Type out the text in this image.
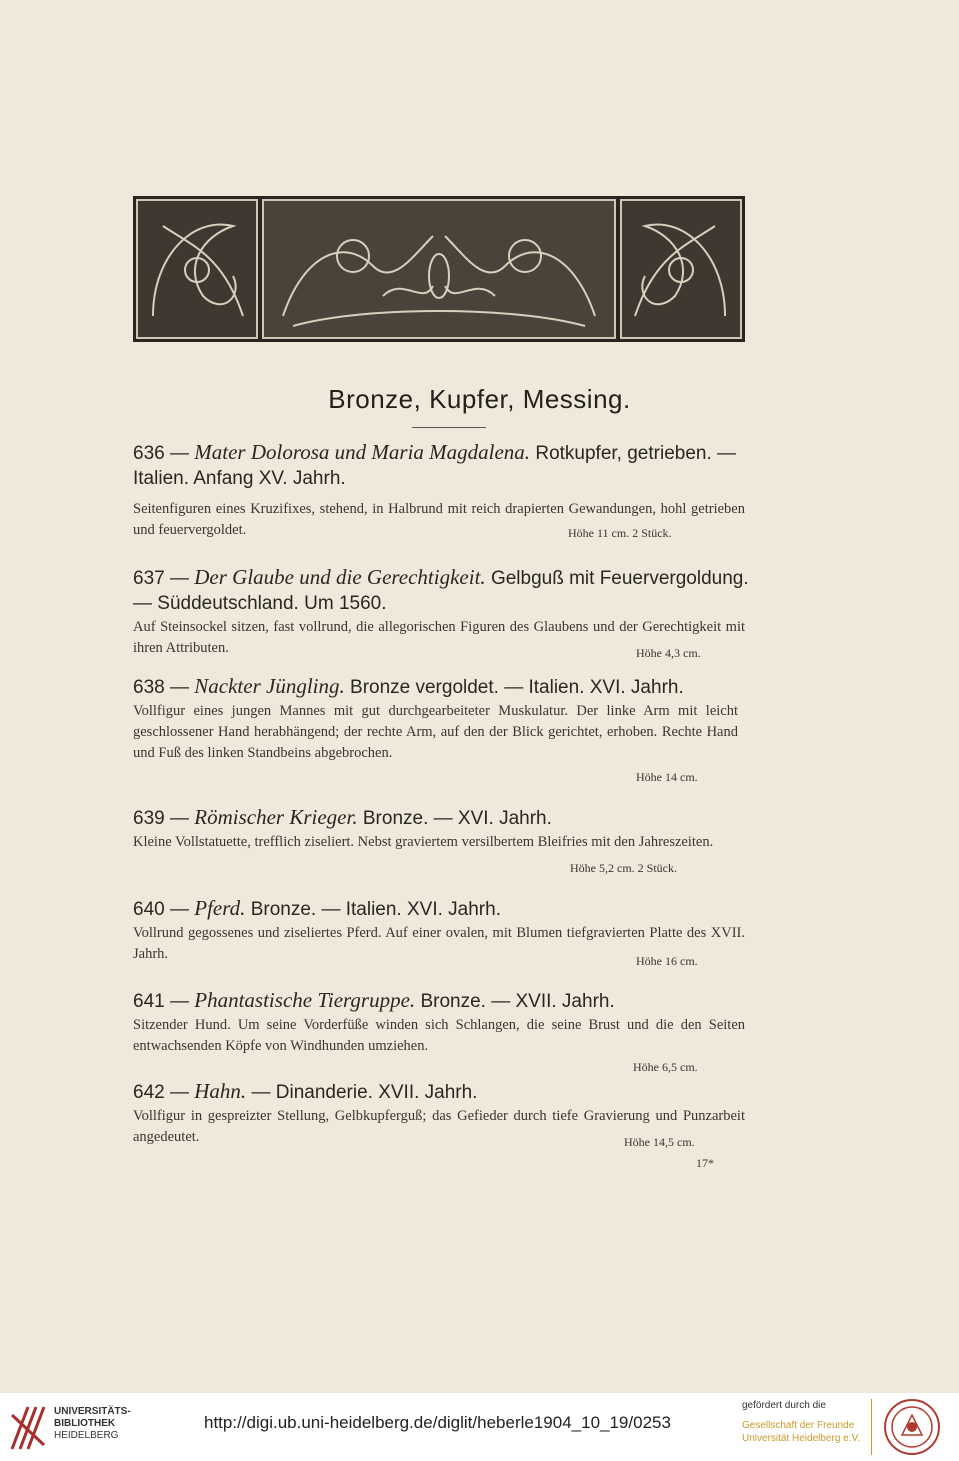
Bronze, Kupfer, Messing.
636 — Mater Dolorosa und Maria Magdalena. Rotkupfer, getrieben. —
Italien. Anfang XV. Jahrh.
Seitenfiguren eines Kruzifixes, stehend, in Halbrund mit reich drapierten Gewandungen, hohl getrieben und feuervergoldet.	Höhe 11 cm. 2 Stück.
637 — Der Glaube und die Gerechtigkeit. Gelbguß mit Feuervergoldung.
— Süddeutschland. Um 1560.
Auf Steinsockel sitzen, fast vollrund, die allegorischen Figuren des Glaubens und der Gerechtigkeit mit ihren Attributen.	Höhe 4,3 cm.
638 — Nackter Jüngling. Bronze vergoldet. — Italien. XVI. Jahrh.
Vollfigur eines jungen Mannes mit gut durchgearbeiteter Muskulatur. Der linke Arm mit leicht geschlossener Hand herabhängend; der rechte Arm, auf den der Blick gerichtet, erhoben. Rechte Hand und Fuß des linken Standbeins abgebrochen.
Höhe 14 cm.
639 — Römischer Krieger. Bronze. — XVI. Jahrh.
Kleine Vollstatuette, trefflich ziseliert. Nebst graviertem versilbertem Bleifries mit den Jahreszeiten.
Höhe 5,2 cm. 2 Stück.
640 — Pferd. Bronze. — Italien. XVI. Jahrh.
Vollrund gegossenes und ziseliertes Pferd. Auf einer ovalen, mit Blumen tiefgravierten Platte des XVII. Jahrh.	Höhe 16 cm.
641 — Phantastische Tiergruppe. Bronze. — XVII. Jahrh.
Sitzender Hund. Um seine Vorderfüße winden sich Schlangen, die seine Brust und die den Seiten entwachsenden Köpfe von Windhunden umziehen.
Höhe 6,5 cm.
642 — Hahn. — Dinanderie. XVII. Jahrh.
Vollfigur in gespreizter Stellung, Gelbkupferguß; das Gefieder durch tiefe Gravierung und Punzarbeit angedeutet.	Höhe 14,5 cm.
17*
UNIVERSITÄTS-
BIBLIOTHEK
HEIDELBERG
http://digi.ub.uni-heidelberg.de/diglit/heberle1904_10_19/0253
gefördert durch die
Gesellschaft der Freunde
Universität Heidelberg e.V.
